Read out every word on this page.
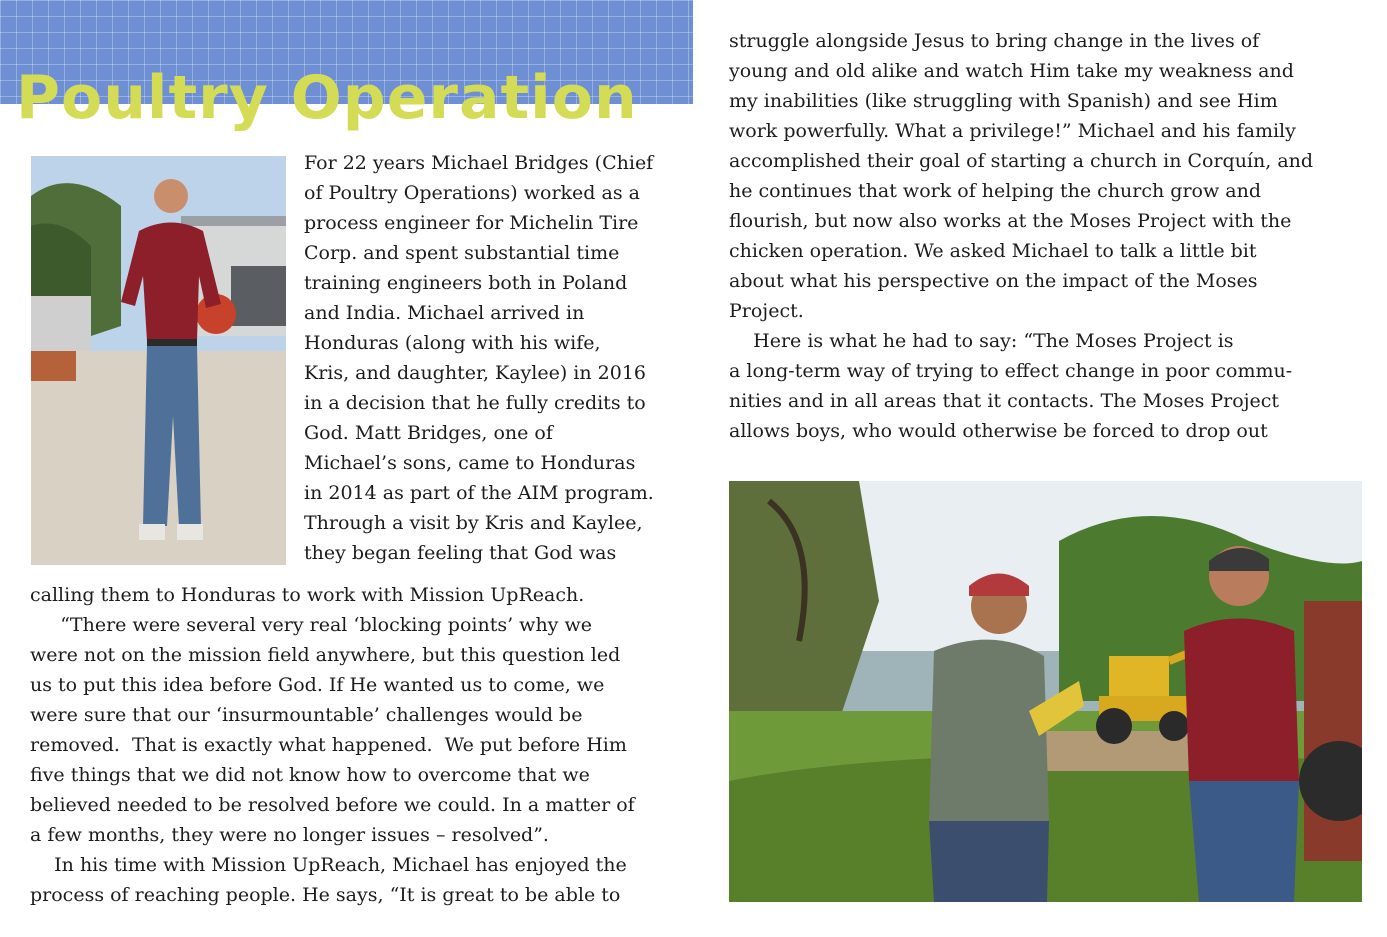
Poultry Operation
For 22 years Michael Bridges (Chief
of Poultry Operations) worked as a
process engineer for Michelin Tire
Corp. and spent substantial time
training engineers both in Poland
and India. Michael arrived in
Honduras (along with his wife,
Kris, and daughter, Kaylee) in 2016
in a decision that he fully credits to
God. Matt Bridges, one of
Michael’s sons, came to Honduras
in 2014 as part of the AIM program.
Through a visit by Kris and Kaylee,
they began feeling that God was
calling them to Honduras to work with Mission UpReach.
“There were several very real ‘blocking points’ why we
were not on the mission field anywhere, but this question led
us to put this idea before God. If He wanted us to come, we
were sure that our ‘insurmountable’ challenges would be
removed.  That is exactly what happened.  We put before Him
five things that we did not know how to overcome that we
believed needed to be resolved before we could. In a matter of
a few months, they were no longer issues – resolved”.
In his time with Mission UpReach, Michael has enjoyed the
process of reaching people. He says, “It is great to be able to
struggle alongside Jesus to bring change in the lives of
young and old alike and watch Him take my weakness and
my inabilities (like struggling with Spanish) and see Him
work powerfully. What a privilege!” Michael and his family
accomplished their goal of starting a church in Corquín, and
he continues that work of helping the church grow and
flourish, but now also works at the Moses Project with the
chicken operation. We asked Michael to talk a little bit
about what his perspective on the impact of the Moses
Project.
Here is what he had to say: “The Moses Project is
a long-term way of trying to effect change in poor commu-
nities and in all areas that it contacts. The Moses Project
allows boys, who would otherwise be forced to drop out
